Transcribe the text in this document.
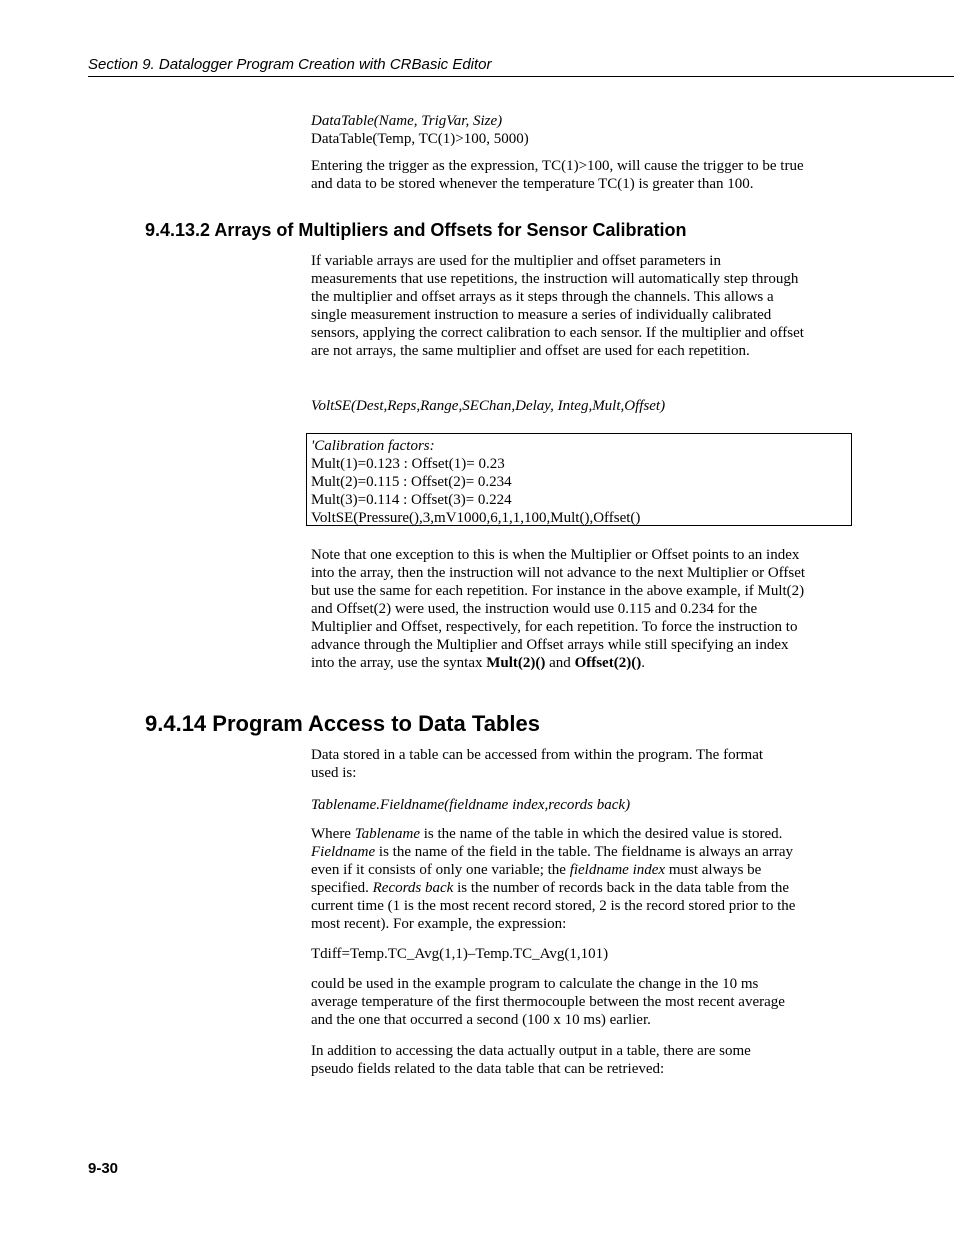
Section 9. Datalogger Program Creation with CRBasic Editor

DataTable(Name, TrigVar, Size)

DataTable(Temp, TC(1)>100, 5000)

Entering the trigger as the expression, TC(1)>100, will cause the trigger to be true and data to be stored whenever the temperature TC(1) is greater than 100.

9.4.13.2 Arrays of Multipliers and Offsets for Sensor Calibration

If variable arrays are used for the multiplier and offset parameters in measurements that use repetitions, the instruction will automatically step through the multiplier and offset arrays as it steps through the channels. This allows a single measurement instruction to measure a series of individually calibrated sensors, applying the correct calibration to each sensor. If the multiplier and offset are not arrays, the same multiplier and offset are used for each repetition.

VoltSE(Dest,Reps,Range,SEChan,Delay, Integ,Mult,Offset)
'Calibration factors:
Mult(1)=0.123 : Offset(1)= 0.23
Mult(2)=0.115 : Offset(2)= 0.234
Mult(3)=0.114 : Offset(3)= 0.224
VoltSE(Pressure(),3,mV1000,6,1,1,100,Mult(),Offset()

Note that one exception to this is when the Multiplier or Offset points to an index into the array, then the instruction will not advance to the next Multiplier or Offset but use the same for each repetition. For instance in the above example, if Mult(2) and Offset(2) were used, the instruction would use 0.115 and 0.234 for the Multiplier and Offset, respectively, for each repetition. To force the instruction to advance through the Multiplier and Offset arrays while still specifying an index into the array, use the syntax Mult(2)() and Offset(2)().

9.4.14 Program Access to Data Tables

Data stored in a table can be accessed from within the program. The format used is:

Tablename.Fieldname(fieldname index,records back)

Where Tablename is the name of the table in which the desired value is stored. Fieldname is the name of the field in the table. The fieldname is always an array even if it consists of only one variable; the fieldname index must always be specified. Records back is the number of records back in the data table from the current time (1 is the most recent record stored, 2 is the record stored prior to the most recent). For example, the expression:

Tdiff=Temp.TC_Avg(1,1)–Temp.TC_Avg(1,101)

could be used in the example program to calculate the change in the 10 ms average temperature of the first thermocouple between the most recent average and the one that occurred a second (100 x 10 ms) earlier.

In addition to accessing the data actually output in a table, there are some pseudo fields related to the data table that can be retrieved:

9-30
